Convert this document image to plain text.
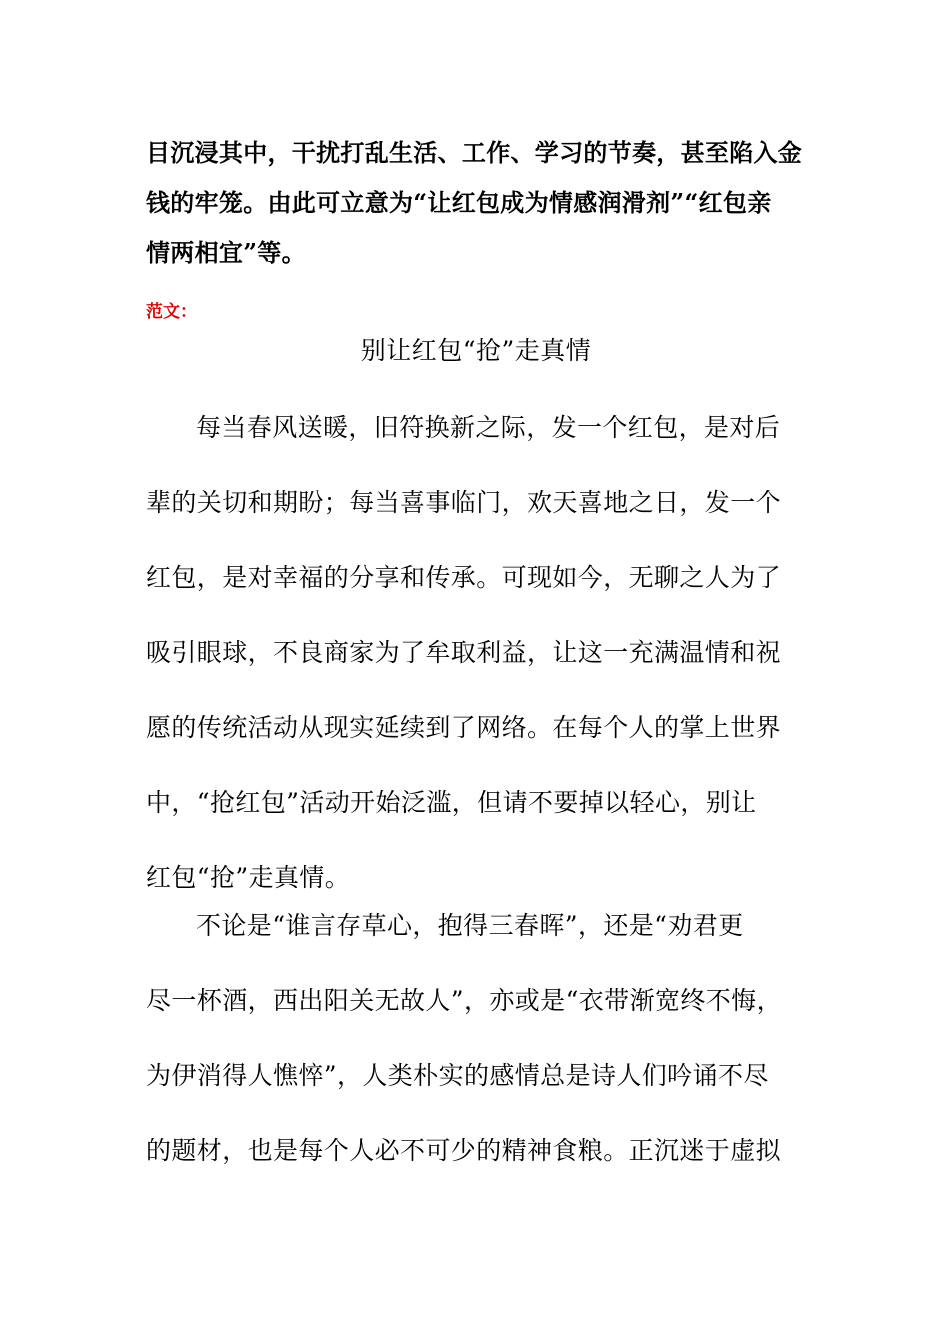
目沉浸其中，干扰打乱生活、工作、学习的节奏，甚至陷入金
钱的牢笼。由此可立意为“让红包成为情感润滑剂”“红包亲
情两相宜”等。
范文：
别让红包“抢”走真情
每当春风送暖，旧符换新之际，发一个红包，是对后
辈的关切和期盼；每当喜事临门，欢天喜地之日，发一个
红包，是对幸福的分享和传承。可现如今，无聊之人为了
吸引眼球，不良商家为了牟取利益，让这一充满温情和祝
愿的传统活动从现实延续到了网络。在每个人的掌上世界
中，“抢红包”活动开始泛滥，但请不要掉以轻心，别让
红包“抢”走真情。
不论是“谁言存草心，抱得三春晖”，还是“劝君更
尽一杯酒，西出阳关无故人”，亦或是“衣带渐宽终不悔，
为伊消得人憔悴”，人类朴实的感情总是诗人们吟诵不尽
的题材，也是每个人必不可少的精神食粮。正沉迷于虚拟
